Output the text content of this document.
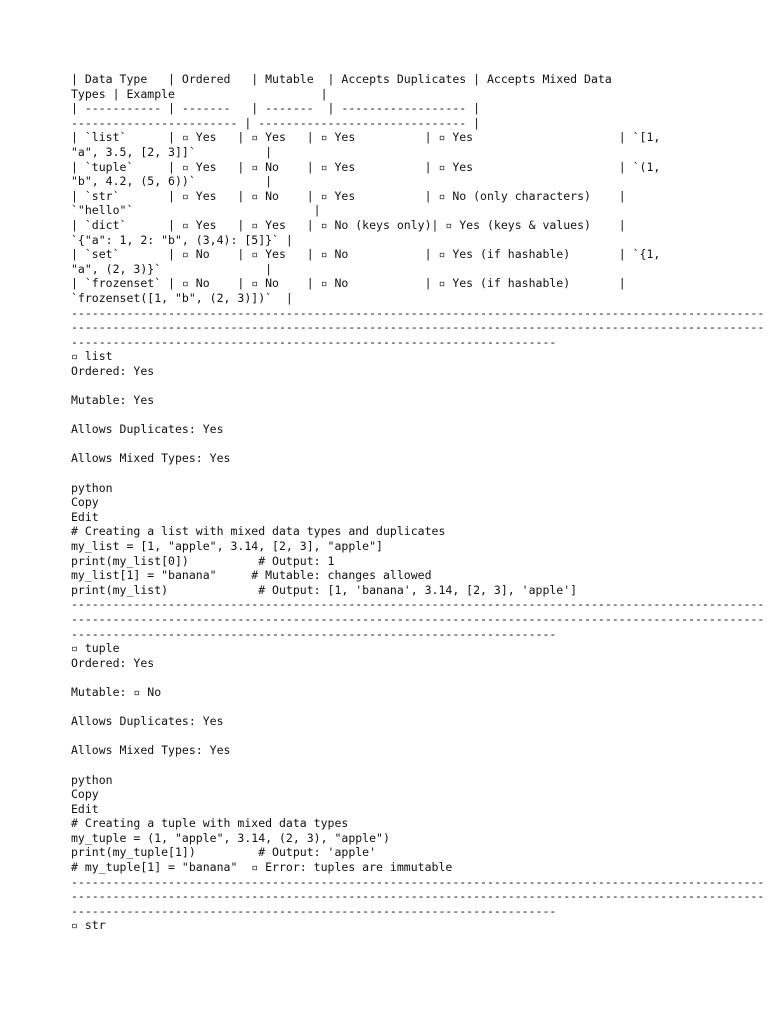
| Data Type   | Ordered   | Mutable  | Accepts Duplicates | Accepts Mixed Data
Types | Example                     |
| ----------- | -------   | -------  | ------------------ |
------------------------ | ------------------------------ |
| `list`      | ▫ Yes   | ▫ Yes   | ▫ Yes          | ▫ Yes                     | `[1,
"a", 3.5, [2, 3]]`          |
| `tuple`     | ▫ Yes   | ▫ No    | ▫ Yes          | ▫ Yes                     | `(1,
"b", 4.2, (5, 6))`          |
| `str`       | ▫ Yes   | ▫ No    | ▫ Yes          | ▫ No (only characters)    |
`"hello"`                          |
| `dict`      | ▫ Yes   | ▫ Yes   | ▫ No (keys only)| ▫ Yes (keys & values)    |
`{"a": 1, 2: "b", (3,4): [5]}` |
| `set`       | ▫ No    | ▫ Yes   | ▫ No           | ▫ Yes (if hashable)       | `{1,
"a", (2, 3)}`               |
| `frozenset` | ▫ No    | ▫ No    | ▫ No           | ▫ Yes (if hashable)       |
`frozenset([1, "b", (2, 3)])`  |
----------------------------------------------------------------------------------------------------
----------------------------------------------------------------------------------------------------
----------------------------------------------------------------------
▫ list
Ordered: Yes
Mutable: Yes
Allows Duplicates: Yes
Allows Mixed Types: Yes
python
Copy
Edit
# Creating a list with mixed data types and duplicates
my_list = [1, "apple", 3.14, [2, 3], "apple"]
print(my_list[0])          # Output: 1
my_list[1] = "banana"     # Mutable: changes allowed
print(my_list)             # Output: [1, 'banana', 3.14, [2, 3], 'apple']
----------------------------------------------------------------------------------------------------
----------------------------------------------------------------------------------------------------
----------------------------------------------------------------------
▫ tuple
Ordered: Yes
Mutable: ▫ No
Allows Duplicates: Yes
Allows Mixed Types: Yes
python
Copy
Edit
# Creating a tuple with mixed data types
my_tuple = (1, "apple", 3.14, (2, 3), "apple")
print(my_tuple[1])         # Output: 'apple'
# my_tuple[1] = "banana"  ▫ Error: tuples are immutable
----------------------------------------------------------------------------------------------------
----------------------------------------------------------------------------------------------------
----------------------------------------------------------------------
▫ str
